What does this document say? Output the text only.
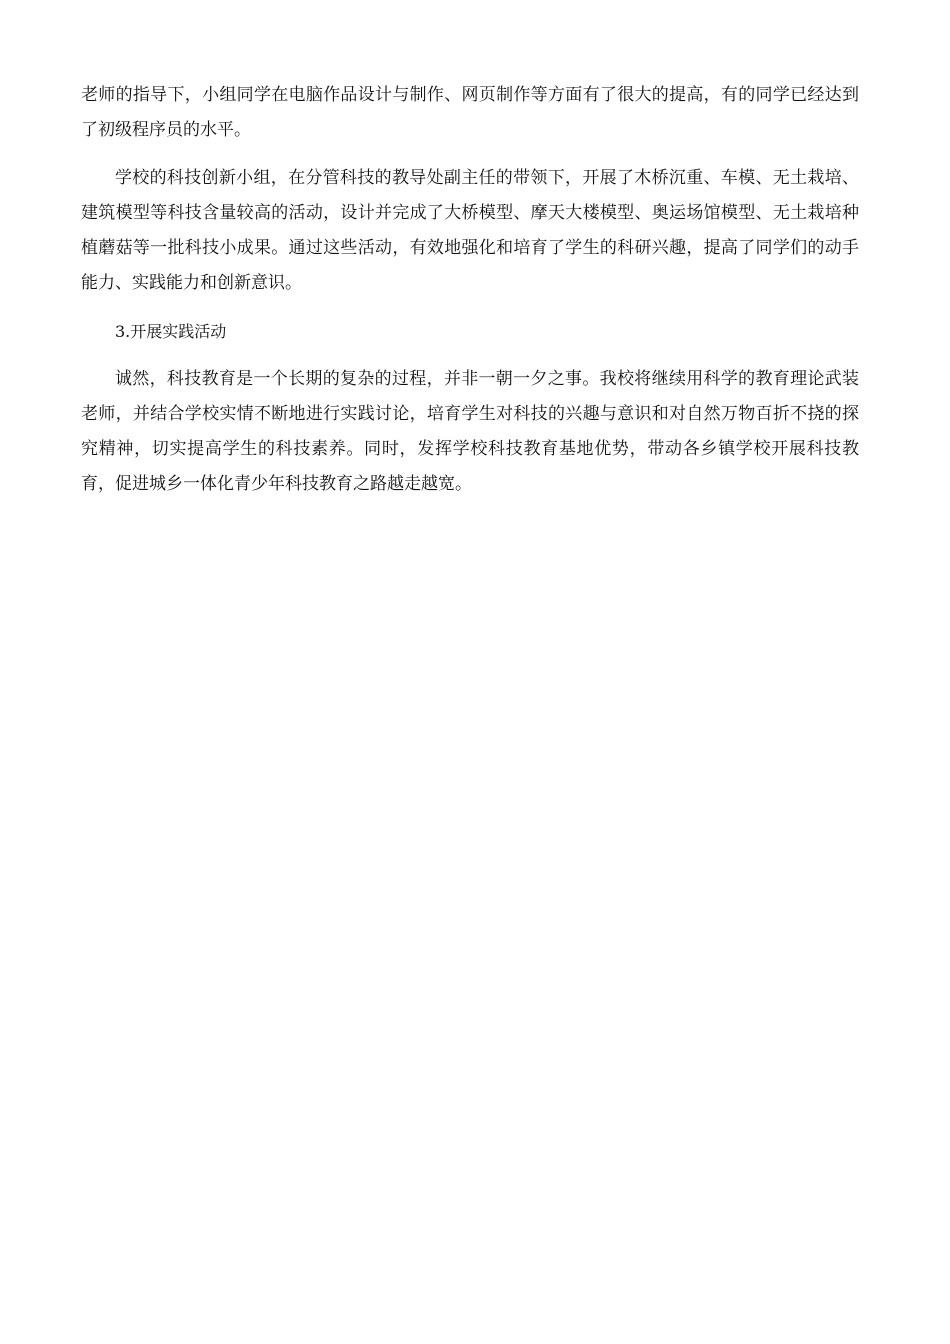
老师的指导下，小组同学在电脑作品设计与制作、网页制作等方面有了很大的提高，有的同学已经达到了初级程序员的水平。

学校的科技创新小组，在分管科技的教导处副主任的带领下，开展了木桥沉重、车模、无土栽培、建筑模型等科技含量较高的活动，设计并完成了大桥模型、摩天大楼模型、奥运场馆模型、无土栽培种植蘑菇等一批科技小成果。通过这些活动，有效地强化和培育了学生的科研兴趣，提高了同学们的动手能力、实践能力和创新意识。

3.开展实践活动

诚然，科技教育是一个长期的复杂的过程，并非一朝一夕之事。我校将继续用科学的教育理论武装老师，并结合学校实情不断地进行实践讨论，培育学生对科技的兴趣与意识和对自然万物百折不挠的探究精神，切实提高学生的科技素养。同时，发挥学校科技教育基地优势，带动各乡镇学校开展科技教育，促进城乡一体化青少年科技教育之路越走越宽。
